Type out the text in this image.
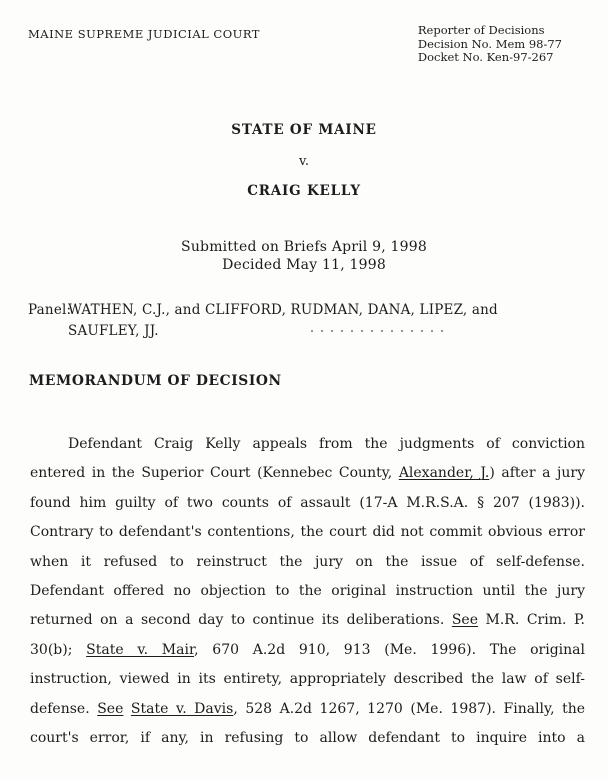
MAINE SUPREME JUDICIAL COURT	Reporter of Decisions
Decision No. Mem 98-77
Docket No. Ken-97-267
STATE OF MAINE
v.
CRAIG KELLY
Submitted on Briefs April 9, 1998
Decided May 11, 1998
Panel:
WATHEN, C.J., and CLIFFORD, RUDMAN, DANA, LIPEZ, and
SAUFLEY, JJ.
MEMORANDUM OF DECISION
Defendant Craig Kelly appeals from the judgments of conviction
entered in the Superior Court (Kennebec County, Alexander, J.) after a jury
found him guilty of two counts of assault (17-A M.R.S.A. § 207 (1983)).
Contrary to defendant's contentions, the court did not commit obvious error
when it refused to reinstruct the jury on the issue of self-defense.
Defendant offered no objection to the original instruction until the jury
returned on a second day to continue its deliberations. See M.R. Crim. P.
30(b); State v. Mair, 670 A.2d 910, 913 (Me. 1996). The original
instruction, viewed in its entirety, appropriately described the law of self-
defense. See State v. Davis, 528 A.2d 1267, 1270 (Me. 1987). Finally, the
court's error, if any, in refusing to allow defendant to inquire into a
